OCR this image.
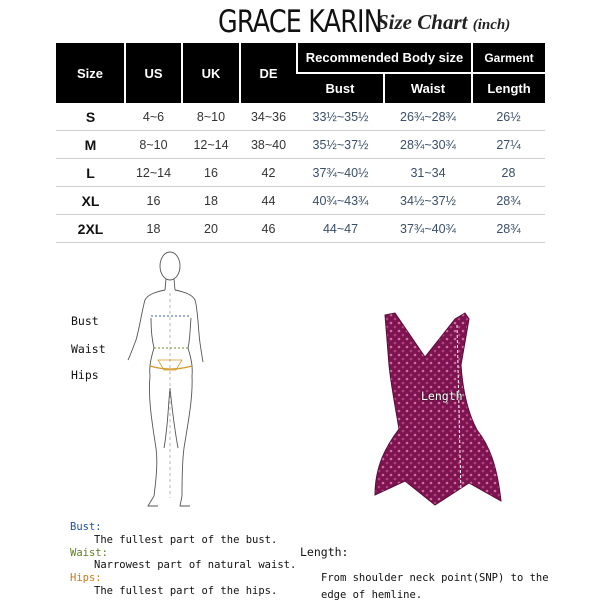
GRACE KARIN
Size Chart (inch)
Size	US	UK	DE	Recommended Body size		Garment
				Bust	Waist	Length
S	4~6	8~10	34~36	33½~35½	26¾~28¾	26½
M	8~10	12~14	38~40	35½~37½	28¾~30¾	27¼
L	12~14	16	42	37¾~40½	31~34	28
XL	16	18	44	40¾~43¾	34½~37½	28¾
2XL	18	20	46	44~47	37¾~40¾	28¾
Bust
Waist
Hips
Length
Bust:
The fullest part of the bust.
Waist:
Narrowest part of natural waist.
Hips:
The fullest part of the hips.
Length:
From shoulder neck point(SNP) to the edge of hemline.
